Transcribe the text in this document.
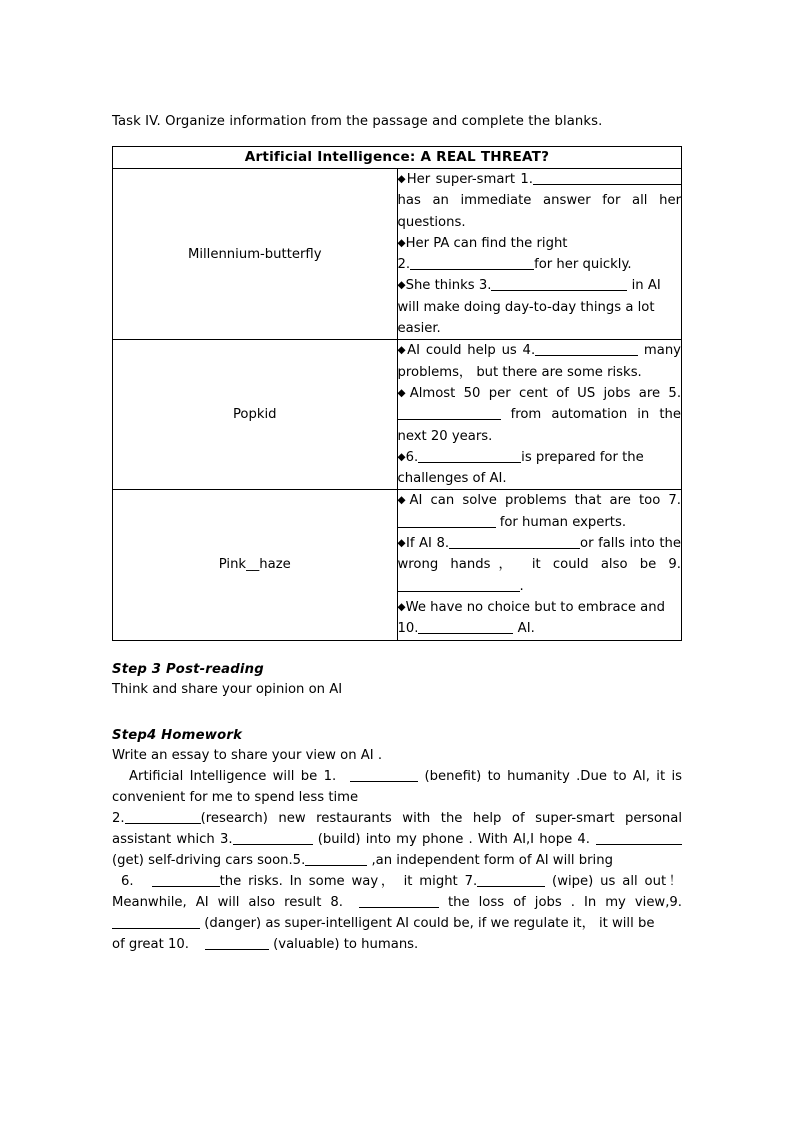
Task IV. Organize information from the passage and complete the blanks.
Artificial Intelligence: A REAL THREAT?	
Millennium-butterfly	◆Her super-smart 1. has an immediate answer for all her questions.
◆Her PA can find the right
2. for her quickly.
◆She thinks 3. in AI will make doing day-to-day things a lot easier.

Popkid	◆AI could help us 4. many problems， but there are some risks.
◆Almost 50 per cent of US jobs are 5. from automation in the next 20 years.
◆6. is prepared for the challenges of AI.

Pink__haze	◆AI can solve problems that are too 7. for human experts.
◆If AI 8. or falls into the wrong hands， it could also be 9..
◆We have no choice but to embrace and 10. AI.
Step 3 Post-reading
Think and share your opinion on AI
Step4 Homework
Write an essay to share your view on AI .

Artificial Intelligence will be 1.	(benefit) to humanity .Due to AI, it is convenient for me to spend less time

2.	(research) new restaurants with the help of super-smart personal assistant which 3.	(build) into my phone . With AI,I hope 4.(get) self-driving cars soon.5.	,an independent form of AI will bring

6.	the risks. In some way， it might 7.	(wipe) us all out！ Meanwhile, AI will also result 8.	the loss of jobs . In my view,9. (danger) as super-intelligent AI could be, if we regulate it， it will be

of great 10.	(valuable) to humans.
